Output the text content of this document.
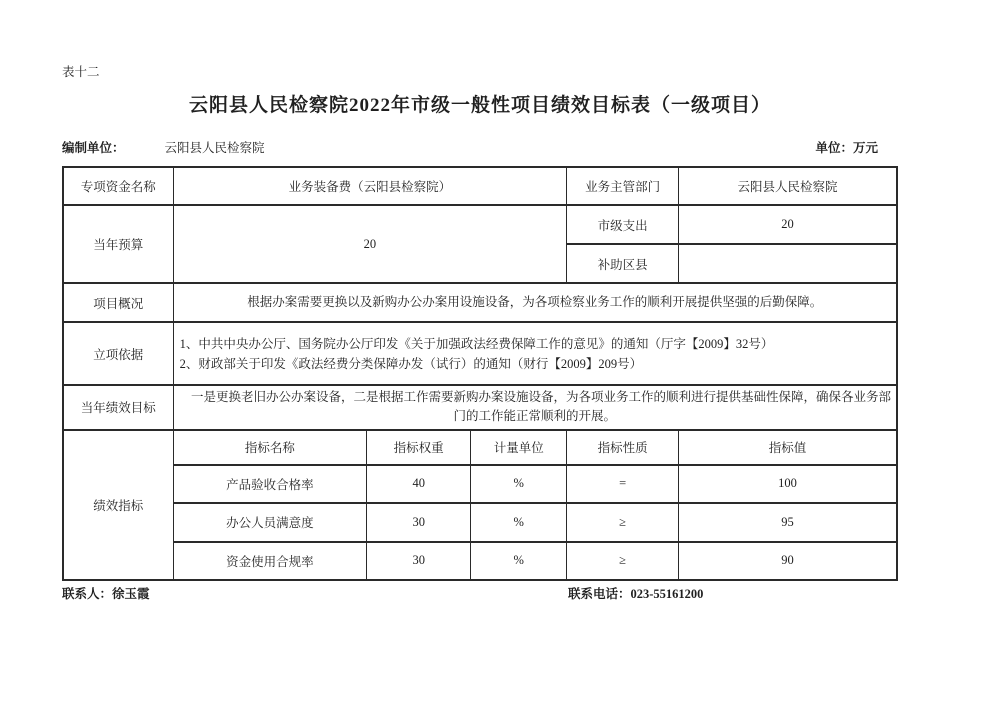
表十二
云阳县人民检察院2022年市级一般性项目绩效目标表（一级项目）
编制单位：	云阳县人民检察院	单位：万元
专项资金名称	业务装备费（云阳县检察院）			业务主管部门	云阳县人民检察院
当年预算	20			市级支出	20
				补助区县	
项目概况	根据办案需要更换以及新购办公办案用设施设备，为各项检察业务工作的顺利开展提供坚强的后勤保障。				
立项依据	1、中共中央办公厅、国务院办公厅印发《关于加强政法经费保障工作的意见》的通知（厅字【2009】32号）
2、财政部关于印发《政法经费分类保障办发（试行）的通知（财行【2009】209号）				

当年绩效目标	一是更换老旧办公办案设备，二是根据工作需要新购办案设施设备，为各项业务工作的顺利进行提供基础性保障，确保各业务部门的工作能正常顺利的开展。				
绩效指标	指标名称	指标权重	计量单位	指标性质	指标值
	产品验收合格率	40	%	=	100
	办公人员满意度	30	%	≥	95
	资金使用合规率	30	%	≥	90
联系人：徐玉霞	联系电话：023-55161200
